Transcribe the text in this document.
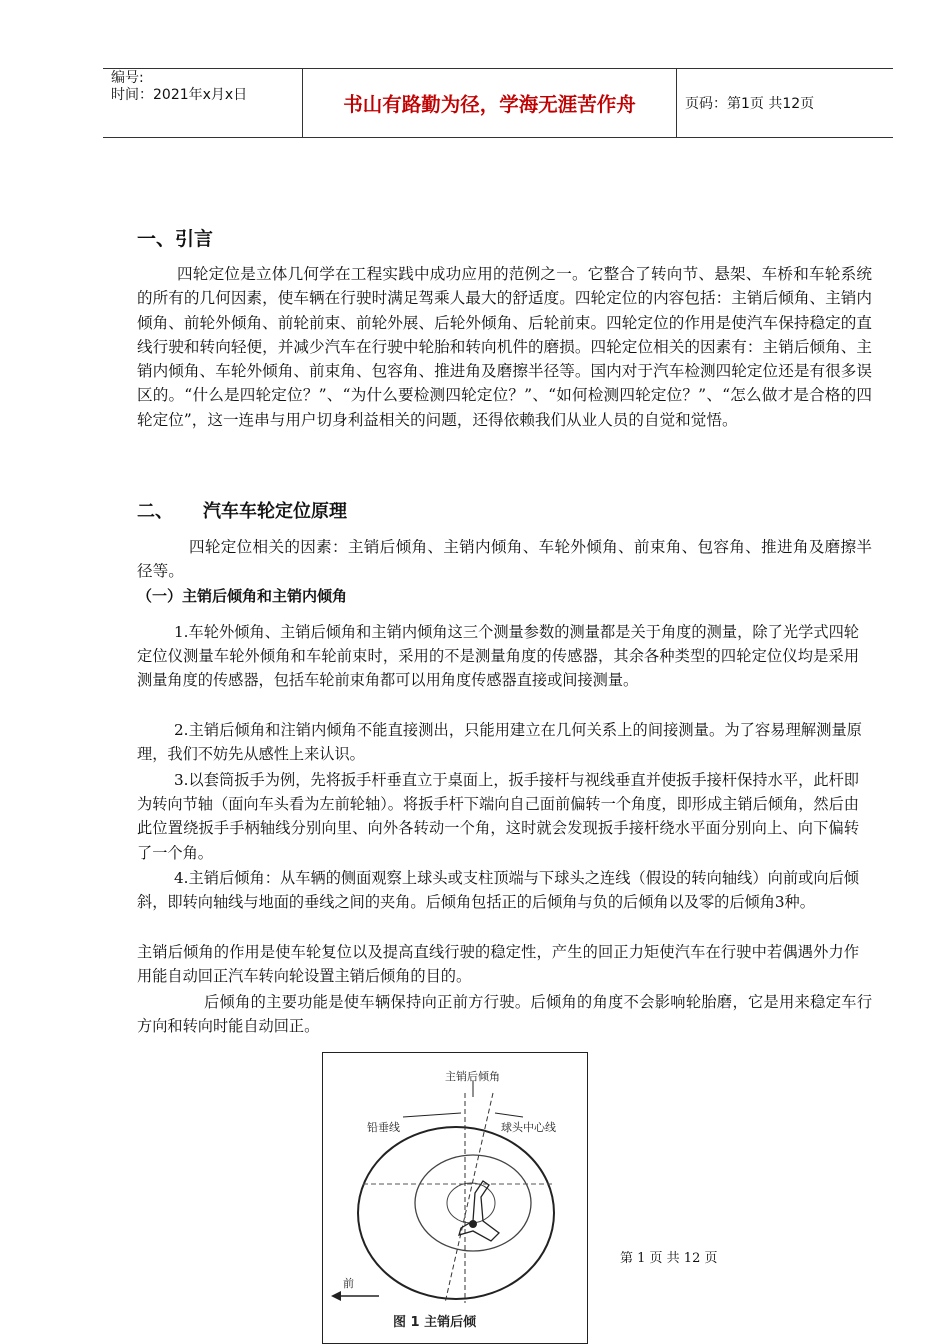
编号:
时间：2021年x月x日	书山有路勤为径，学海无涯苦作舟	页码：第1页 共12页
一、引言

四轮定位是立体几何学在工程实践中成功应用的范例之一。它整合了转向节、悬架、车桥和车轮系统的所有的几何因素，使车辆在行驶时满足驾乘人最大的舒适度。四轮定位的内容包括：主销后倾角、主销内倾角、前轮外倾角、前轮前束、前轮外展、后轮外倾角、后轮前束。四轮定位的作用是使汽车保持稳定的直线行驶和转向轻便，并减少汽车在行驶中轮胎和转向机件的磨损。四轮定位相关的因素有：主销后倾角、主销内倾角、车轮外倾角、前束角、包容角、推进角及磨擦半径等。国内对于汽车检测四轮定位还是有很多误区的。“什么是四轮定位？”、“为什么要检测四轮定位？”、“如何检测四轮定位？”、“怎么做才是合格的四轮定位”，这一连串与用户切身利益相关的问题，还得依赖我们从业人员的自觉和觉悟。

二、 汽车车轮定位原理

四轮定位相关的因素：主销后倾角、主销内倾角、车轮外倾角、前束角、包容角、推进角及磨擦半径等。

（一）主销后倾角和主销内倾角

1.车轮外倾角、主销后倾角和主销内倾角这三个测量参数的测量都是关于角度的测量，除了光学式四轮定位仪测量车轮外倾角和车轮前束时，采用的不是测量角度的传感器，其余各种类型的四轮定位仪均是采用测量角度的传感器，包括车轮前束角都可以用角度传感器直接或间接测量。

2.主销后倾角和注销内倾角不能直接测出，只能用建立在几何关系上的间接测量。为了容易理解测量原理，我们不妨先从感性上来认识。

3.以套筒扳手为例，先将扳手杆垂直立于桌面上，扳手接杆与视线垂直并使扳手接杆保持水平，此杆即为转向节轴（面向车头看为左前轮轴）。将扳手杆下端向自己面前偏转一个角度，即形成主销后倾角，然后由此位置绕扳手手柄轴线分别向里、向外各转动一个角，这时就会发现扳手接杆绕水平面分别向上、向下偏转了一个角。

4.主销后倾角：从车辆的侧面观察上球头或支柱顶端与下球头之连线（假设的转向轴线）向前或向后倾斜，即转向轴线与地面的垂线之间的夹角。后倾角包括正的后倾角与负的后倾角以及零的后倾角3种。

主销后倾角的作用是使车轮复位以及提高直线行驶的稳定性，产生的回正力矩使汽车在行驶中若偶遇外力作用能自动回正汽车转向轮设置主销后倾角的目的。

后倾角的主要功能是使车辆保持向正前方行驶。后倾角的角度不会影响轮胎磨，它是用来稳定车行方向和转向时能自动回正。

主销后倾角
铅垂线	球头中心线
前
图 1 主销后倾
第 1 页 共 12 页
